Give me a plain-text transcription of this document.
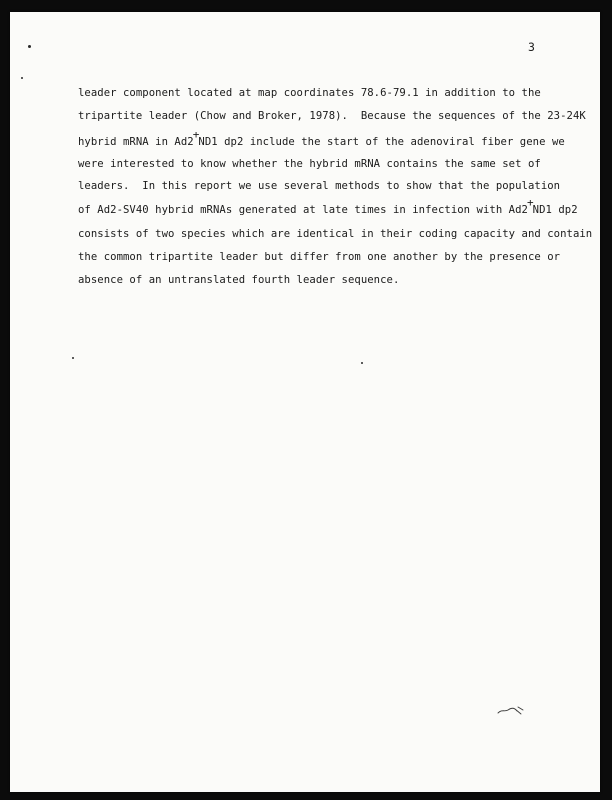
3
leader component located at map coordinates 78.6-79.1 in addition to the
tripartite leader (Chow and Broker, 1978).  Because the sequences of the 23-24K
hybrid mRNA in Ad2+ND1 dp2 include the start of the adenoviral fiber gene we
were interested to know whether the hybrid mRNA contains the same set of
leaders.  In this report we use several methods to show that the population
of Ad2-SV40 hybrid mRNAs generated at late times in infection with Ad2+ND1 dp2
consists of two species which are identical in their coding capacity and contain
the common tripartite leader but differ from one another by the presence or
absence of an untranslated fourth leader sequence.
